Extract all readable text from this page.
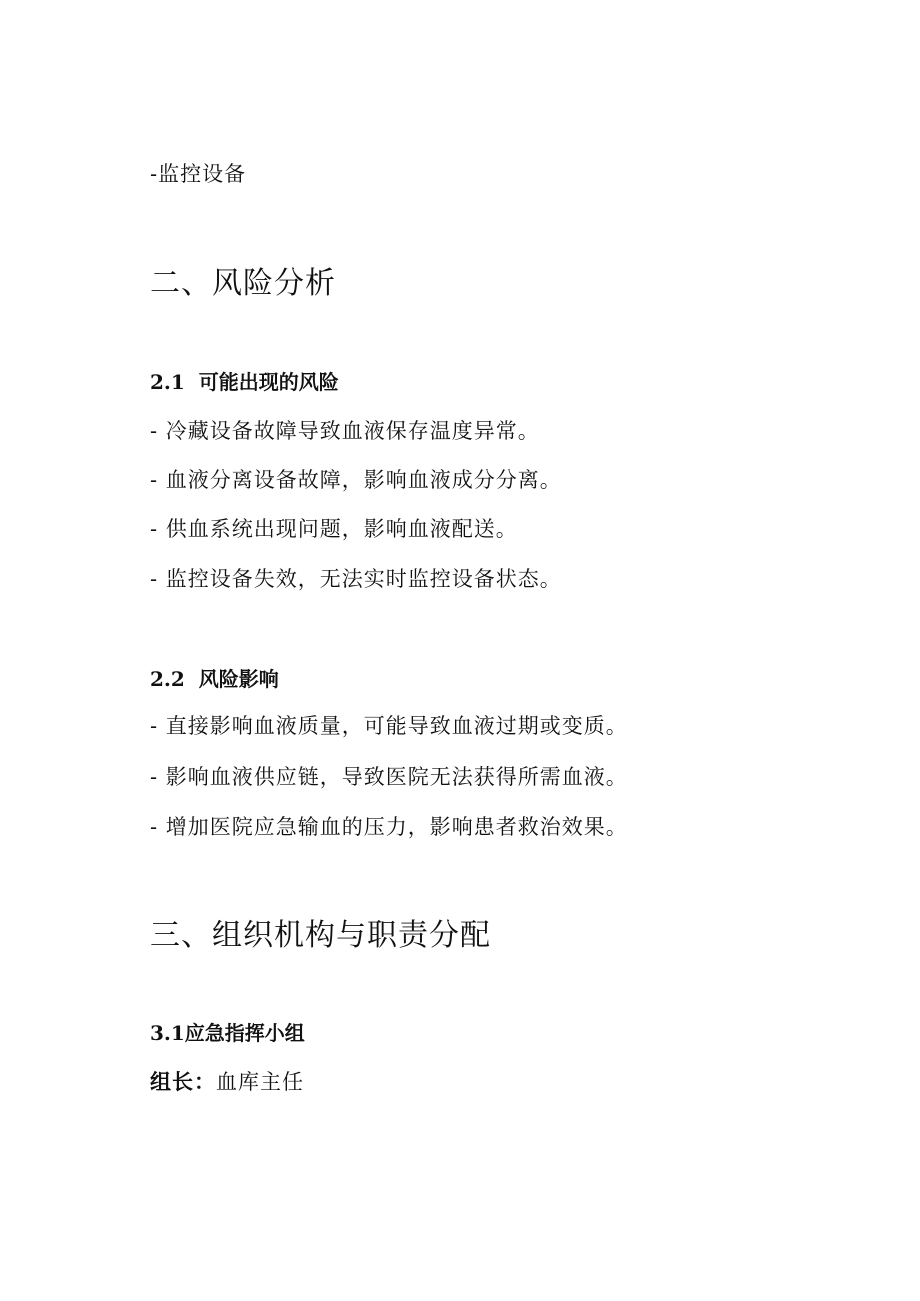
-监控设备
二、风险分析
2.1 可能出现的风险
- 冷藏设备故障导致血液保存温度异常。
- 血液分离设备故障，影响血液成分分离。
- 供血系统出现问题，影响血液配送。
- 监控设备失效，无法实时监控设备状态。
2.2 风险影响
- 直接影响血液质量，可能导致血液过期或变质。
- 影响血液供应链，导致医院无法获得所需血液。
- 增加医院应急输血的压力，影响患者救治效果。
三、组织机构与职责分配
3.1应急指挥小组
组长：血库主任
